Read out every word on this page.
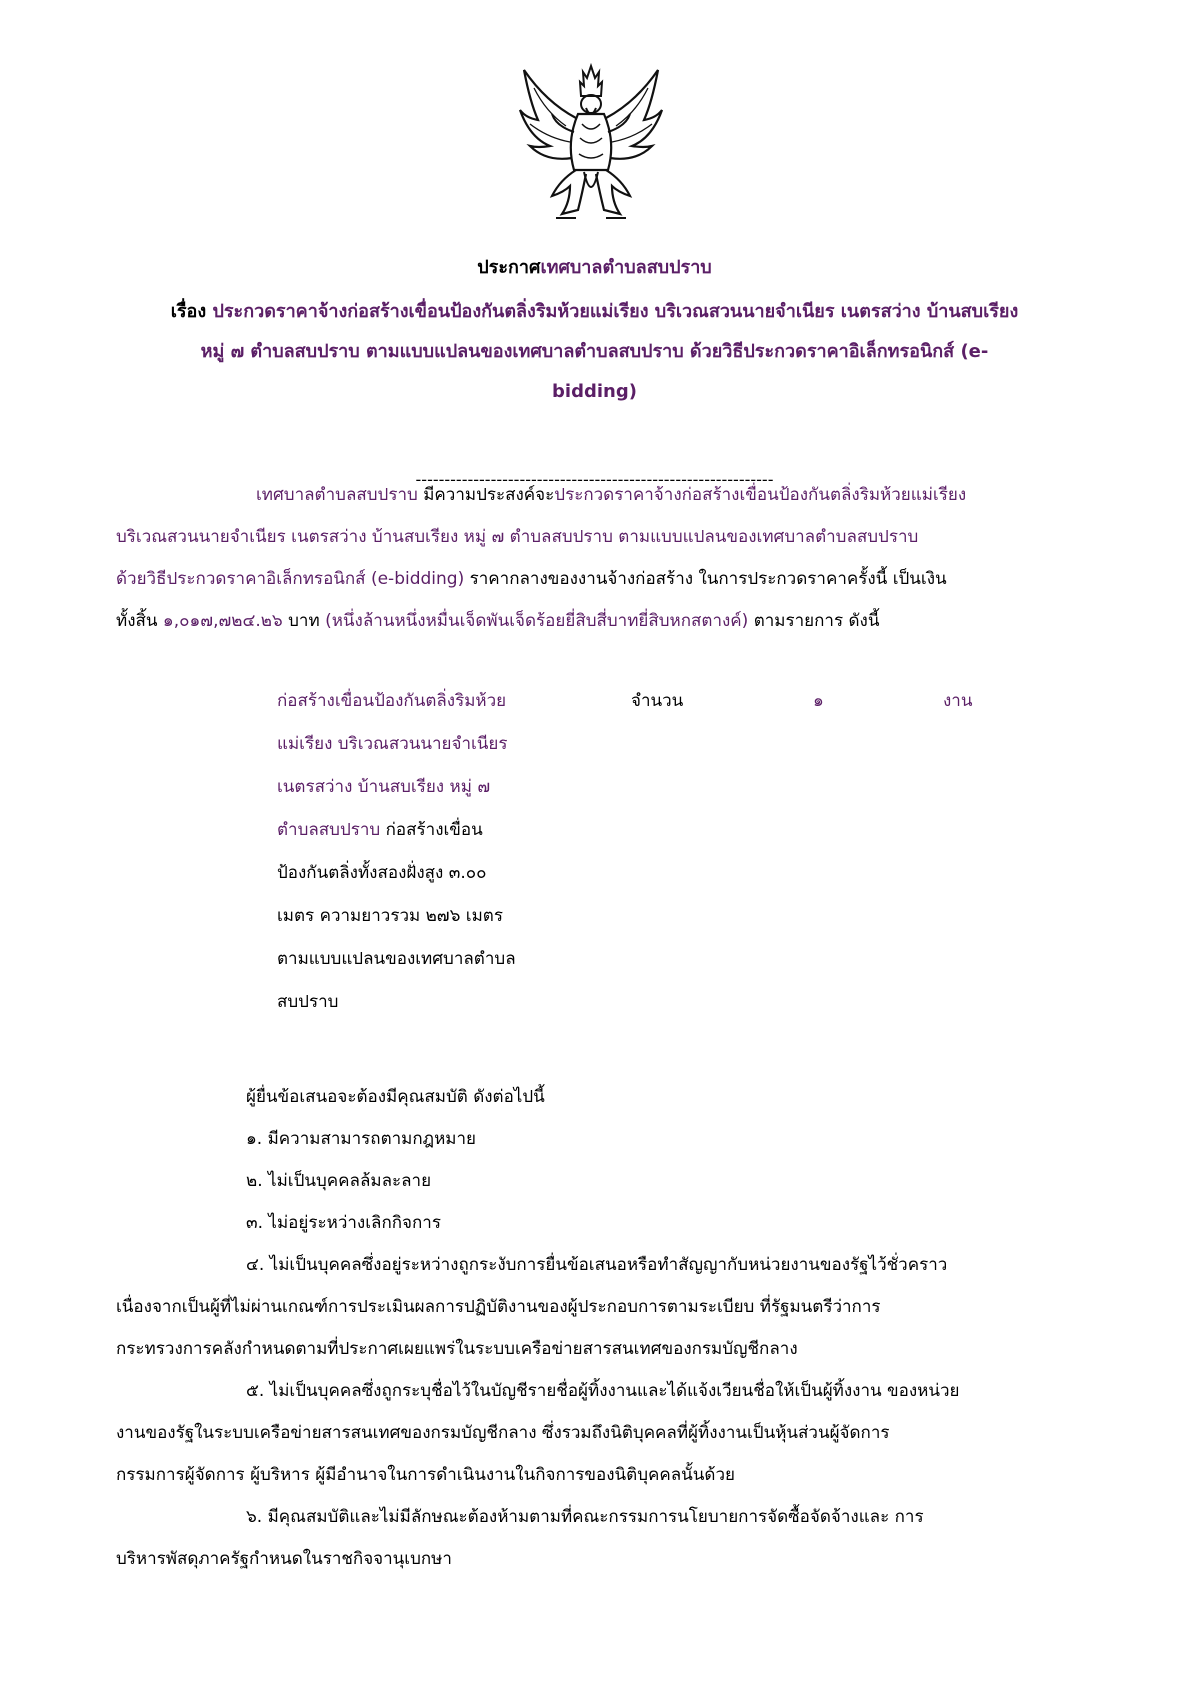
ประกาศเทศบาลตำบลสบปราบ
เรื่อง ประกวดราคาจ้างก่อสร้างเขื่อนป้องกันตลิ่งริมห้วยแม่เรียง บริเวณสวนนายจำเนียร เนตรสว่าง บ้านสบเรียง
หมู่ ๗ ตำบลสบปราบ ตามแบบแปลนของเทศบาลตำบลสบปราบ ด้วยวิธีประกวดราคาอิเล็กทรอนิกส์ (e-
bidding)
--------------------------------------------------------------
เทศบาลตำบลสบปราบ มีความประสงค์จะประกวดราคาจ้างก่อสร้างเขื่อนป้องกันตลิ่งริมห้วยแม่เรียง
บริเวณสวนนายจำเนียร เนตรสว่าง บ้านสบเรียง หมู่ ๗ ตำบลสบปราบ ตามแบบแปลนของเทศบาลตำบลสบปราบ
ด้วยวิธีประกวดราคาอิเล็กทรอนิกส์ (e-bidding) ราคากลางของงานจ้างก่อสร้าง ในการประกวดราคาครั้งนี้ เป็นเงิน
ทั้งสิ้น ๑,๐๑๗,๗๒๔.๒๖ บาท (หนึ่งล้านหนึ่งหมื่นเจ็ดพันเจ็ดร้อยยี่สิบสี่บาทยี่สิบหกสตางค์) ตามรายการ ดังนี้
ก่อสร้างเขื่อนป้องกันตลิ่งริมห้วย
แม่เรียง บริเวณสวนนายจำเนียร
เนตรสว่าง บ้านสบเรียง หมู่ ๗
ตำบลสบปราบ ก่อสร้างเขื่อน
ป้องกันตลิ่งทั้งสองฝั่งสูง ๓.๐๐
เมตร ความยาวรวม ๒๗๖ เมตร
ตามแบบแปลนของเทศบาลตำบล
สบปราบ
จำนวน	๑	งาน
ผู้ยื่นข้อเสนอจะต้องมีคุณสมบัติ ดังต่อไปนี้
๑. มีความสามารถตามกฎหมาย
๒. ไม่เป็นบุคคลล้มละลาย
๓. ไม่อยู่ระหว่างเลิกกิจการ
๔. ไม่เป็นบุคคลซึ่งอยู่ระหว่างถูกระงับการยื่นข้อเสนอหรือทำสัญญากับหน่วยงานของรัฐไว้ชั่วคราว
เนื่องจากเป็นผู้ที่ไม่ผ่านเกณฑ์การประเมินผลการปฏิบัติงานของผู้ประกอบการตามระเบียบ ที่รัฐมนตรีว่าการ
กระทรวงการคลังกำหนดตามที่ประกาศเผยแพร่ในระบบเครือข่ายสารสนเทศของกรมบัญชีกลาง
๕. ไม่เป็นบุคคลซึ่งถูกระบุชื่อไว้ในบัญชีรายชื่อผู้ทิ้งงานและได้แจ้งเวียนชื่อให้เป็นผู้ทิ้งงาน ของหน่วย
งานของรัฐในระบบเครือข่ายสารสนเทศของกรมบัญชีกลาง ซึ่งรวมถึงนิติบุคคลที่ผู้ทิ้งงานเป็นหุ้นส่วนผู้จัดการ
กรรมการผู้จัดการ ผู้บริหาร ผู้มีอำนาจในการดำเนินงานในกิจการของนิติบุคคลนั้นด้วย
๖. มีคุณสมบัติและไม่มีลักษณะต้องห้ามตามที่คณะกรรมการนโยบายการจัดซื้อจัดจ้างและ การ
บริหารพัสดุภาครัฐกำหนดในราชกิจจานุเบกษา
